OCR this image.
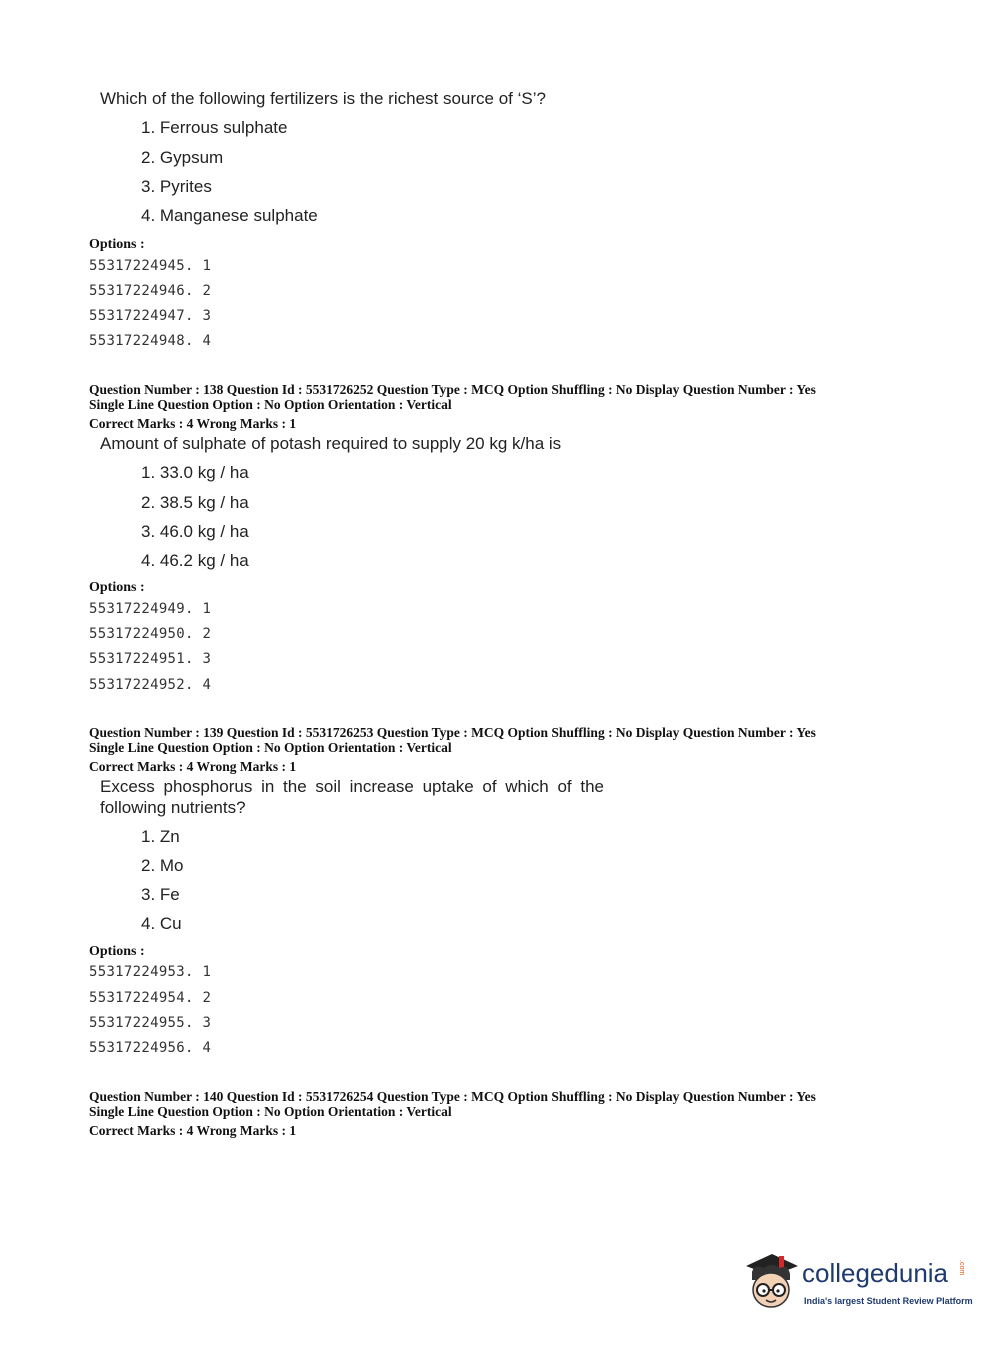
Which of the following fertilizers is the richest source of ‘S’?
1. Ferrous sulphate
2. Gypsum
3. Pyrites
4. Manganese sulphate
Options :
55317224945. 1
55317224946. 2
55317224947. 3
55317224948. 4
Question Number : 138 Question Id : 5531726252 Question Type : MCQ Option Shuffling : No Display Question Number : Yes
Single Line Question Option : No Option Orientation : Vertical
Correct Marks : 4 Wrong Marks : 1
Amount of sulphate of potash required to supply 20 kg k/ha is
1. 33.0 kg / ha
2. 38.5 kg / ha
3. 46.0 kg / ha
4. 46.2 kg / ha
Options :
55317224949. 1
55317224950. 2
55317224951. 3
55317224952. 4
Question Number : 139 Question Id : 5531726253 Question Type : MCQ Option Shuffling : No Display Question Number : Yes
Single Line Question Option : No Option Orientation : Vertical
Correct Marks : 4 Wrong Marks : 1
Excess phosphorus in the soil increase uptake of which of the
following nutrients?
1. Zn
2. Mo
3. Fe
4. Cu
Options :
55317224953. 1
55317224954. 2
55317224955. 3
55317224956. 4
Question Number : 140 Question Id : 5531726254 Question Type : MCQ Option Shuffling : No Display Question Number : Yes
Single Line Question Option : No Option Orientation : Vertical
Correct Marks : 4 Wrong Marks : 1
collegedunia .com
India's largest Student Review Platform
